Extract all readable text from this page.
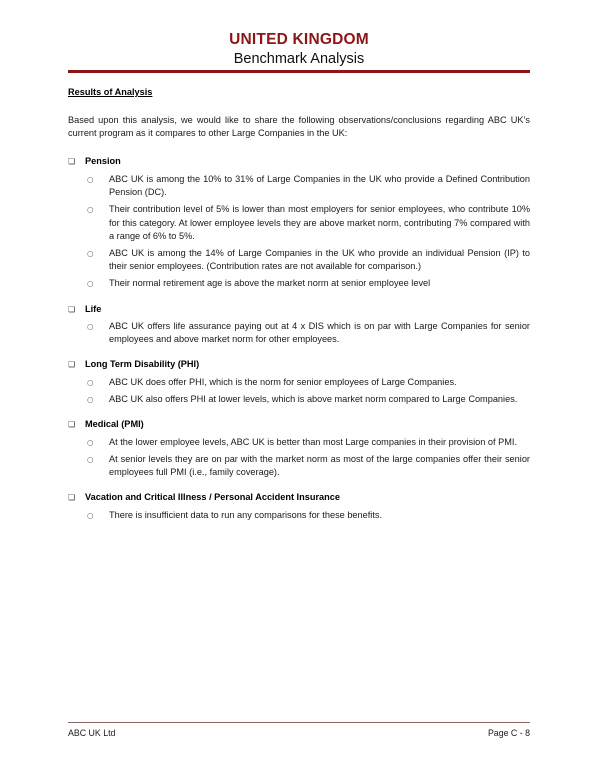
UNITED KINGDOM
Benchmark Analysis
Results of Analysis

Based upon this analysis, we would like to share the following observations/conclusions regarding ABC UK’s current program as it compares to other Large Companies in the UK:

❏	Pension
○	ABC UK is among the 10% to 31% of Large Companies in the UK who provide a Defined Contribution Pension (DC).
○	Their contribution level of 5% is lower than most employers for senior employees, who contribute 10% for this category. At lower employee levels they are above market norm, contributing 7% compared with a range of 6% to 5%.
○	ABC UK is among the 14% of Large Companies in the UK who provide an individual Pension (IP) to their senior employees. (Contribution rates are not available for comparison.)
○	Their normal retirement age is above the market norm at senior employee level
❏	Life
○	ABC UK offers life assurance paying out at 4 x DIS which is on par with Large Companies for senior employees and above market norm for other employees.
❏	Long Term Disability (PHI)
○	ABC UK does offer PHI, which is the norm for senior employees of Large Companies.
○	ABC UK also offers PHI at lower levels, which is above market norm compared to Large Companies.
❏	Medical (PMI)
○	At the lower employee levels, ABC UK is better than most Large companies in their provision of PMI.
○	At senior levels they are on par with the market norm as most of the large companies offer their senior employees full PMI (i.e., family coverage).
❏	Vacation and Critical Illness / Personal Accident Insurance
○	There is insufficient data to run any comparisons for these benefits.
ABC UK Ltd	Page C - 8
